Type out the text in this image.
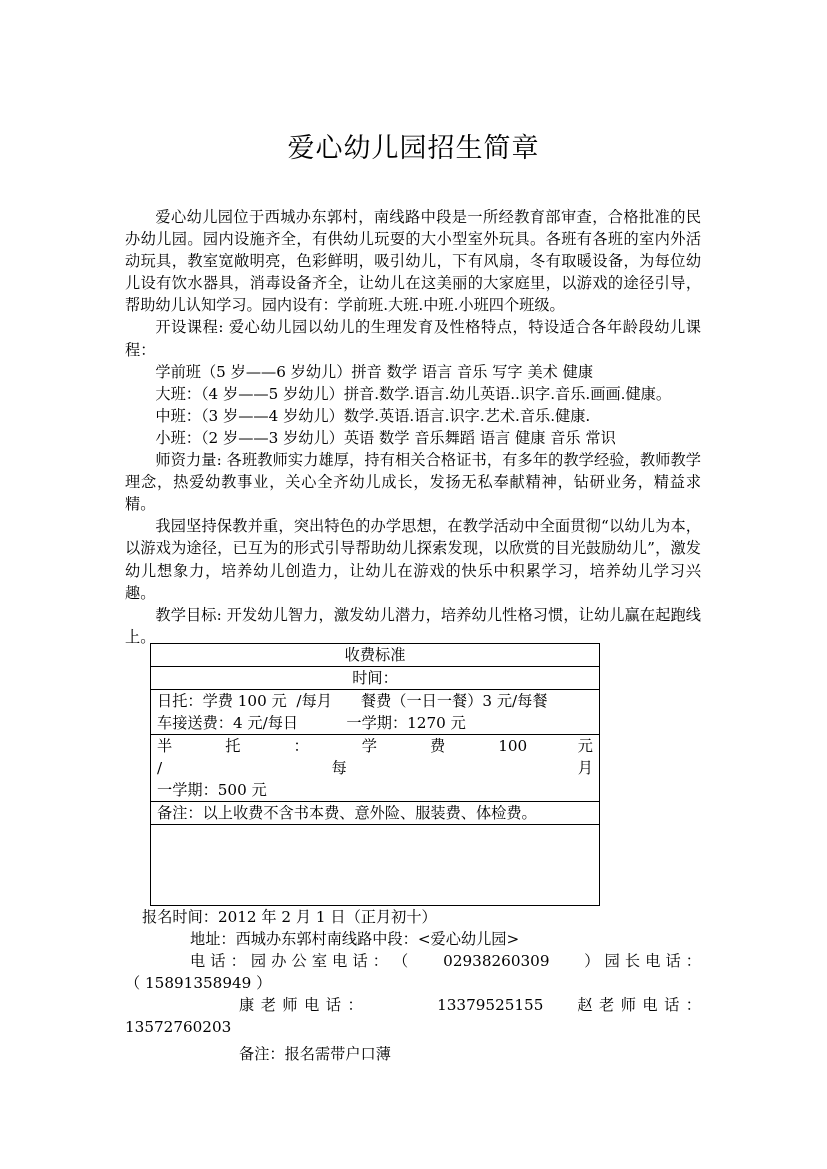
爱心幼儿园招生简章

爱心幼儿园位于西城办东郭村，南线路中段是一所经教育部审查，合格批准的民办幼儿园。园内设施齐全，有供幼儿玩耍的大小型室外玩具。各班有各班的室内外活动玩具，教室宽敞明亮，色彩鲜明，吸引幼儿，下有风扇，冬有取暖设备，为每位幼儿设有饮水器具，消毒设备齐全，让幼儿在这美丽的大家庭里，以游戏的途径引导，帮助幼儿认知学习。园内设有：学前班.大班.中班.小班四个班级。

开设课程: 爱心幼儿园以幼儿的生理发育及性格特点，特设适合各年龄段幼儿课程：

学前班（5 岁——6 岁幼儿）拼音 数学 语言 音乐 写字 美术 健康

大班：（4 岁——5 岁幼儿）拼音.数学.语言.幼儿英语..识字.音乐.画画.健康。

中班：（3 岁——4 岁幼儿）数学.英语.语言.识字.艺术.音乐.健康.

小班：（2 岁——3 岁幼儿）英语 数学 音乐舞蹈 语言 健康 音乐 常识

师资力量: 各班教师实力雄厚，持有相关合格证书，有多年的教学经验，教师教学理念，热爱幼教事业，关心全齐幼儿成长，发扬无私奉献精神，钻研业务，精益求精。

我园坚持保教并重，突出特色的办学思想，在教学活动中全面贯彻“以幼儿为本，以游戏为途径，已互为的形式引导帮助幼儿探索发现，以欣赏的目光鼓励幼儿”，激发幼儿想象力，培养幼儿创造力，让幼儿在游戏的快乐中积累学习，培养幼儿学习兴趣。

教学目标: 开发幼儿智力，激发幼儿潜力，培养幼儿性格习惯，让幼儿赢在起跑线上。

收费标准
时间：
日托：学费 100 元  /每月      餐费（一日一餐）3 元/每餐
车接送费：4 元/每日          一学期：1270 元
半  托  ：  学  费  100  元  /  每  月
一学期：500 元
备注：以上收费不含书本费、意外险、服装费、体检费。

报名时间：2012 年 2 月 1 日（正月初十）

地址：西城办东郭村南线路中段：<爱心幼儿园>

电 话 ： 园 办 公 室 电 话 ： （       02938260309       ） 园 长 电 话 ：

（ 15891358949 ）

康 老 师 电 话 ：             13379525155      赵 老 师 电 话 ：

13572760203

备注：报名需带户口薄
